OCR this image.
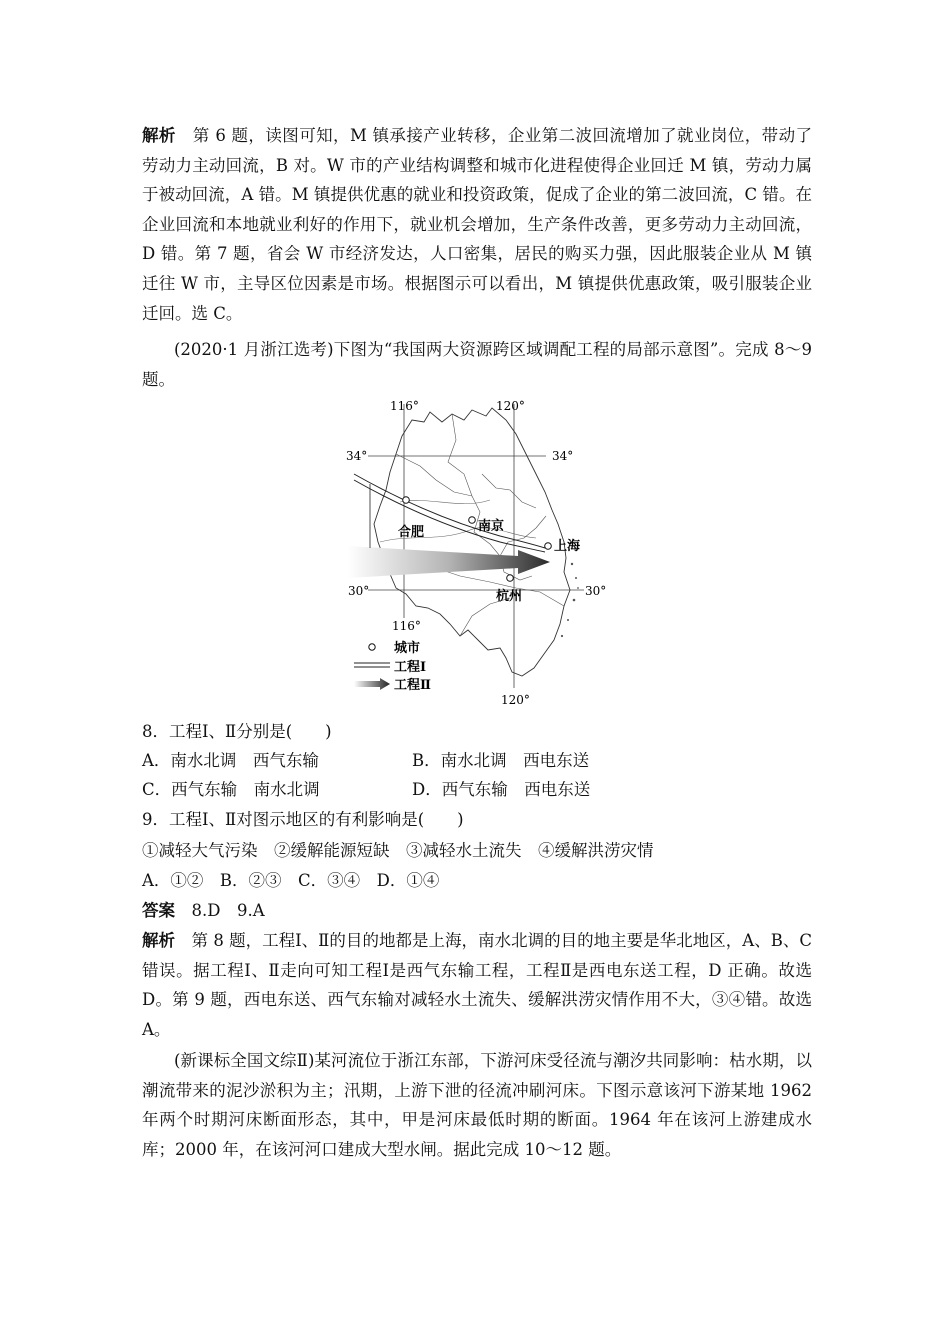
解析　 第 6 题，读图可知，M 镇承接产业转移，企业第二波回流增加了就业岗位，带动了劳动力主动回流，B 对。W 市的产业结构调整和城市化进程使得企业回迁 M 镇，劳动力属于被动回流，A 错。M 镇提供优惠的就业和投资政策，促成了企业的第二波回流，C 错。在企业回流和本地就业利好的作用下，就业机会增加，生产条件改善，更多劳动力主动回流，D 错。第 7 题，省会 W 市经济发达，人口密集，居民的购买力强，因此服装企业从 M 镇迁往 W 市，主导区位因素是市场。根据图示可以看出，M 镇提供优惠政策，吸引服装企业迁回。选 C。

(2020·1 月浙江选考)下图为“我国两大资源跨区域调配工程的局部示意图”。完成 8～9 题。

合肥	南京
上海
杭州
116°	120°
34°	34°
30°	30°
116°
120°
城市
工程Ⅰ
工程Ⅱ

8．工程Ⅰ、Ⅱ分别是(　　)

A．南水北调　西气东输	B．南水北调　西电东送

C．西气东输　南水北调	D．西气东输　西电东送

9．工程Ⅰ、Ⅱ对图示地区的有利影响是(　　)

①减轻大气污染　②缓解能源短缺　③减轻水土流失　④缓解洪涝灾情

A．①②　B．②③　C．③④　D．①④

答案　 8.D　9.A

解析　 第 8 题，工程Ⅰ、Ⅱ的目的地都是上海，南水北调的目的地主要是华北地区，A、B、C 错误。据工程Ⅰ、Ⅱ走向可知工程Ⅰ是西气东输工程，工程Ⅱ是西电东送工程，D 正确。故选 D。第 9 题，西电东送、西气东输对减轻水土流失、缓解洪涝灾情作用不大，③④错。故选 A。

(新课标全国文综Ⅱ)某河流位于浙江东部，下游河床受径流与潮汐共同影响：枯水期，以潮流带来的泥沙淤积为主；汛期，上游下泄的径流冲刷河床。下图示意该河下游某地 1962 年两个时期河床断面形态，其中，甲是河床最低时期的断面。1964 年在该河上游建成水库；2000 年，在该河河口建成大型水闸。据此完成 10～12 题。
